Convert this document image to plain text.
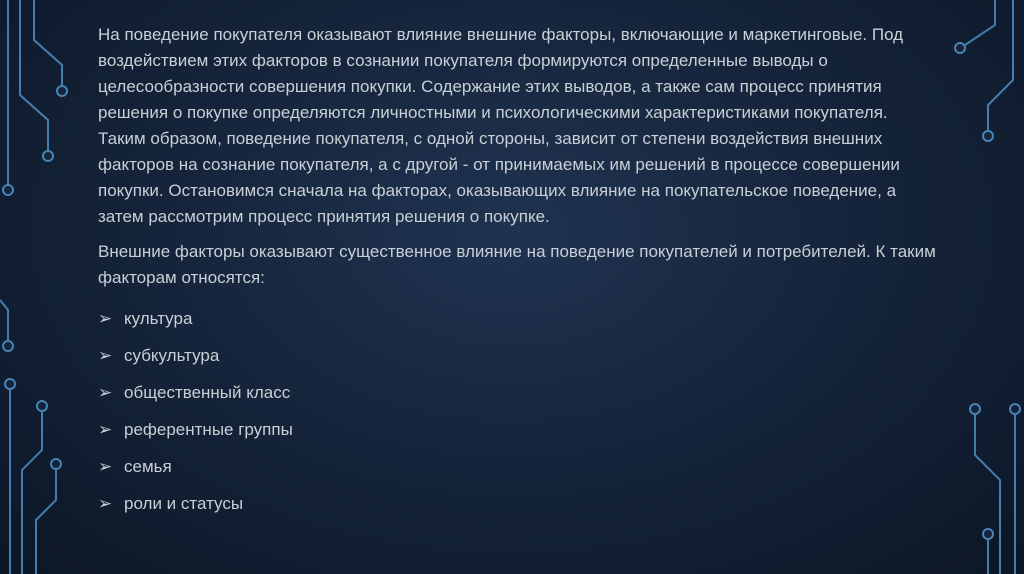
На поведение покупателя оказывают влияние внешние факторы, включающие и маркетинговые. Под воздействием этих факторов в сознании покупателя формируются определенные выводы о целесообразности совершения покупки. Содержание этих выводов, а также сам процесс принятия решения о покупке определяются личностными и психологическими характеристиками покупателя. Таким образом, поведение покупателя, с одной стороны, зависит от степени воздействия внешних факторов на сознание покупателя, а с другой - от принимаемых им решений в процессе совершении покупки. Остановимся сначала на факторах, оказывающих влияние на покупательское поведение, а затем рассмотрим процесс принятия решения о покупке.

Внешние факторы оказывают существенное влияние на поведение покупателей и потребителей. К таким факторам относятся:

➢ культура
➢ субкультура
➢ общественный класс
➢ референтные группы
➢ семья
➢ роли и статусы
